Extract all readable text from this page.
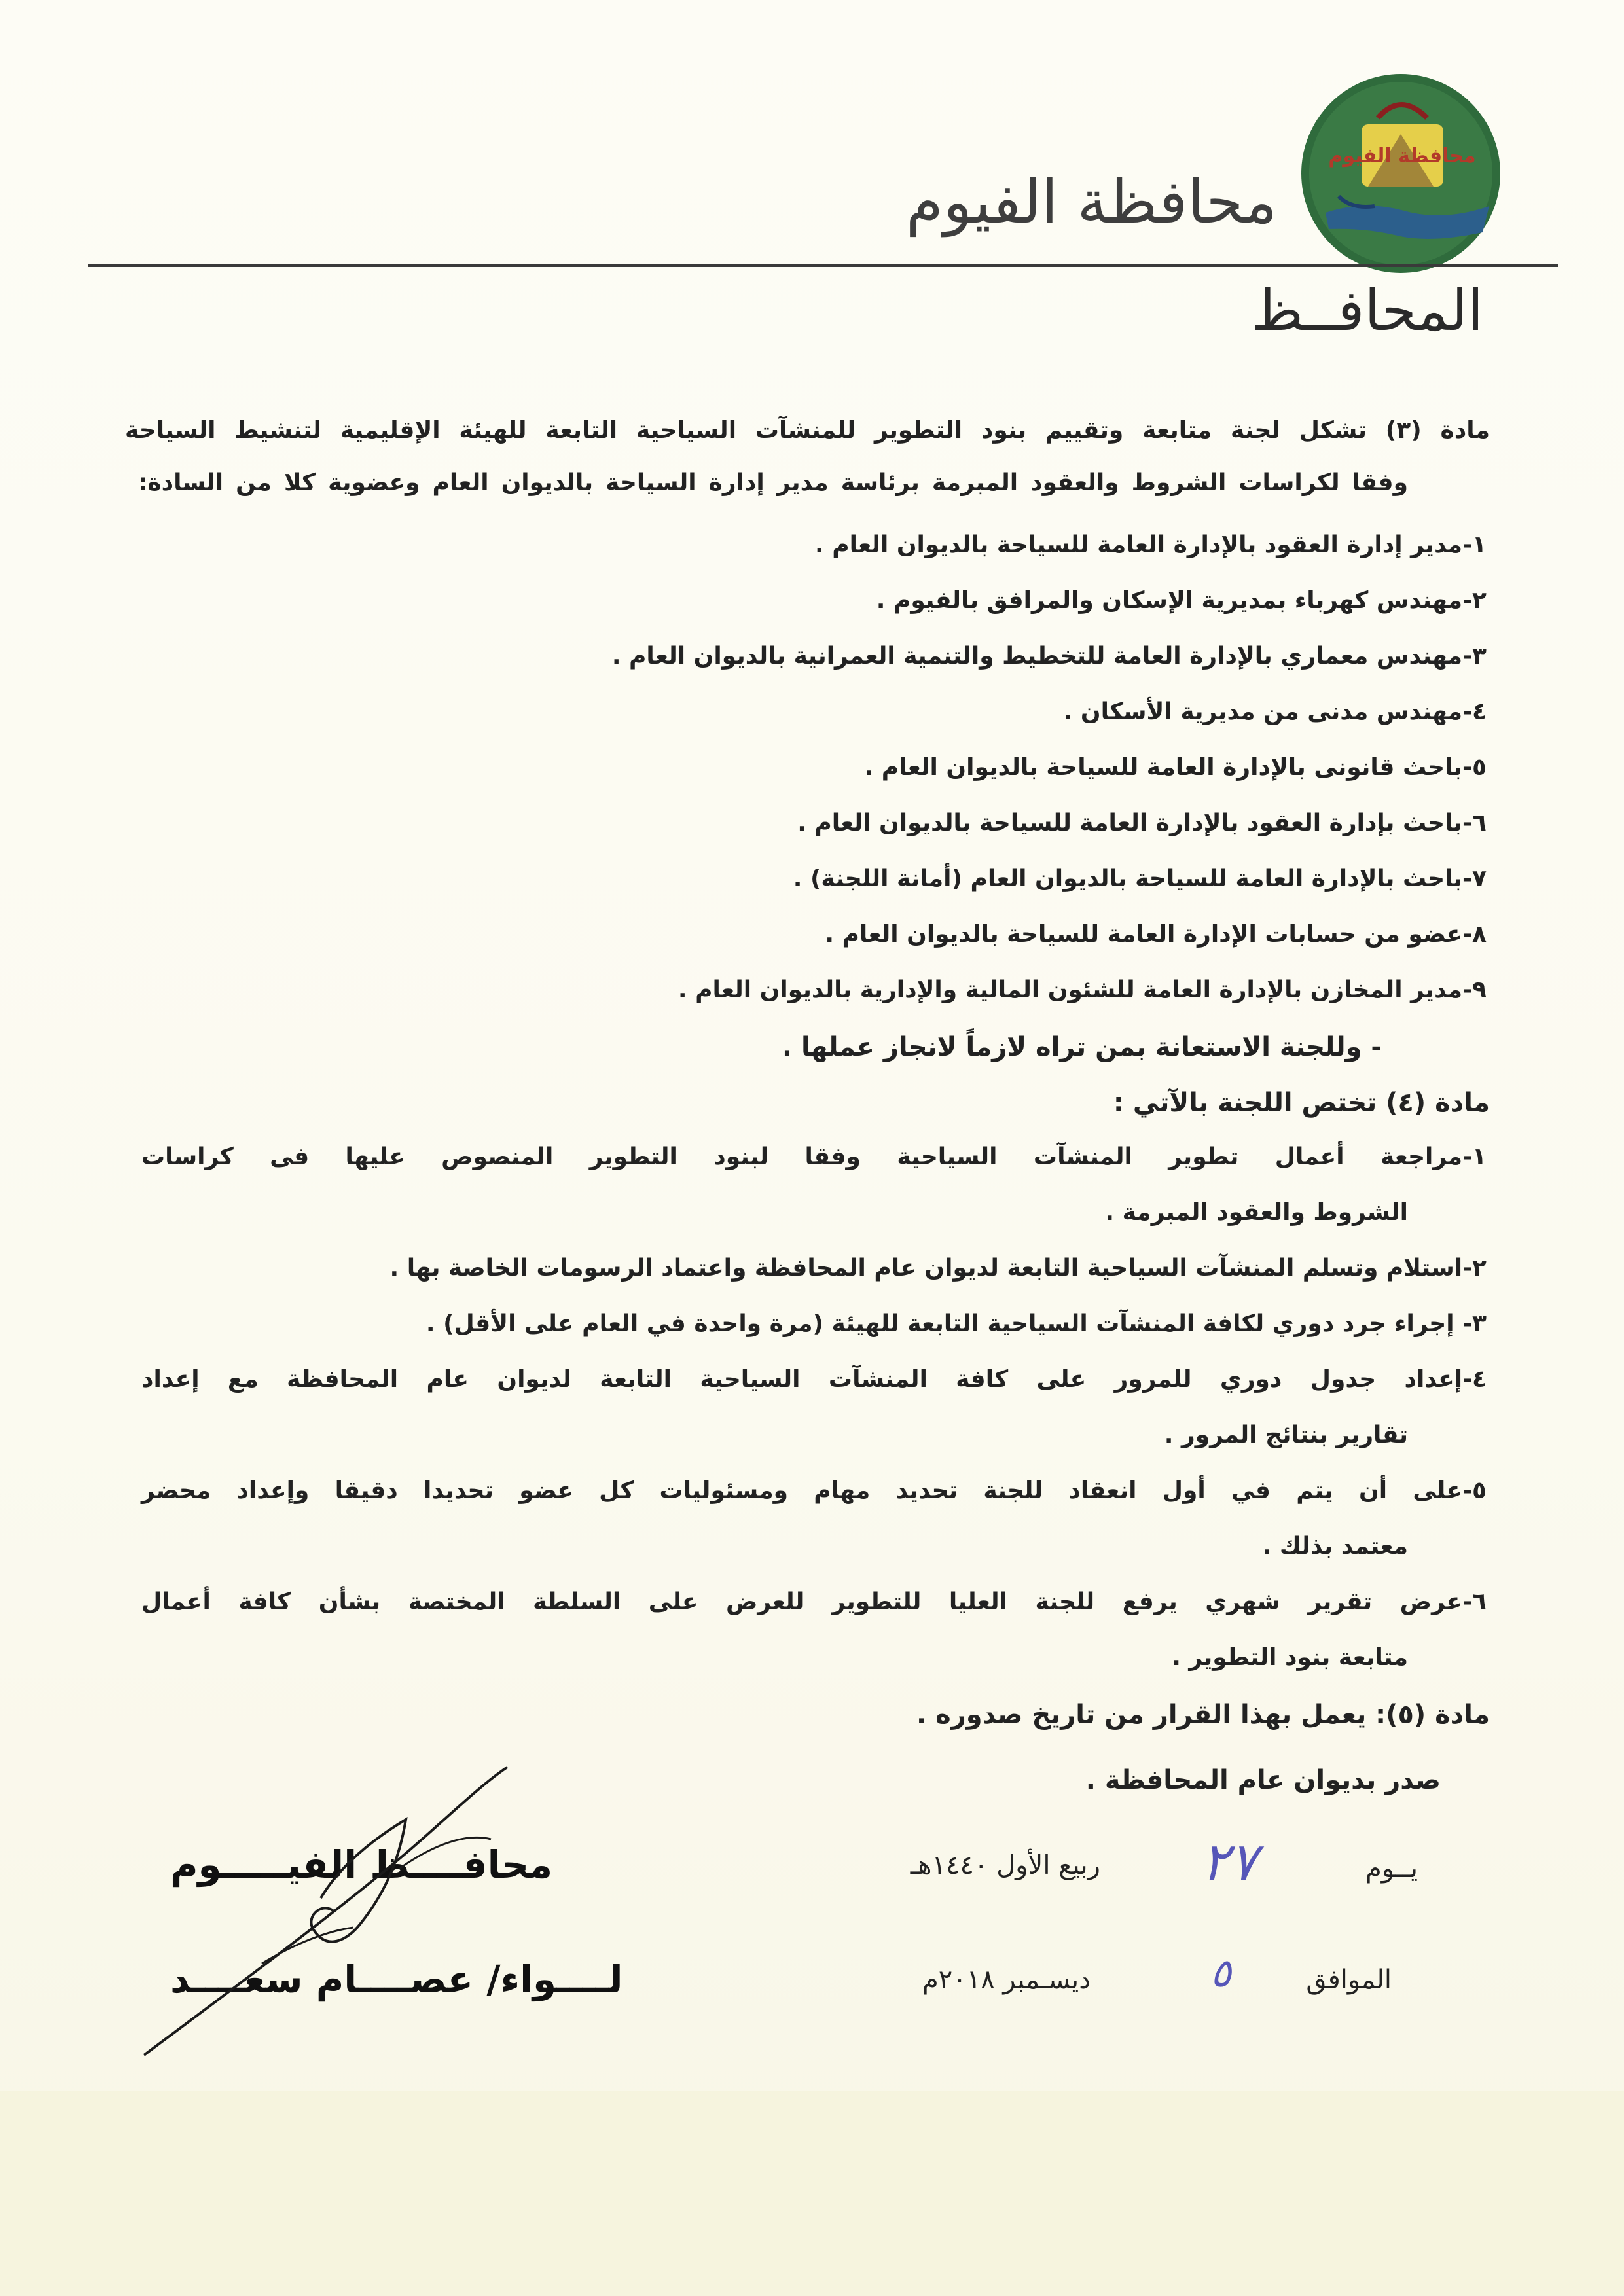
محافظة الفيوم
محافظة الفيوم
المحافــظ
مادة (٣) تشكل لجنة متابعة وتقييم بنود التطوير للمنشآت السياحية التابعة للهيئة الإقليمية لتنشيط السياحة
وفقا لكراسات الشروط والعقود المبرمة برئاسة مدير إدارة السياحة بالديوان العام وعضوية كلا من السادة:
١-مدير إدارة العقود بالإدارة العامة للسياحة بالديوان العام .
٢-مهندس كهرباء بمديرية الإسكان والمرافق بالفيوم .
٣-مهندس معماري بالإدارة العامة للتخطيط والتنمية العمرانية بالديوان العام .
٤-مهندس مدنى من مديرية الأسكان .
٥-باحث قانونى بالإدارة العامة للسياحة بالديوان العام .
٦-باحث بإدارة العقود بالإدارة العامة للسياحة بالديوان العام .
٧-باحث بالإدارة العامة للسياحة بالديوان العام (أمانة اللجنة) .
٨-عضو من حسابات الإدارة العامة للسياحة بالديوان العام .
٩-مدير المخازن بالإدارة العامة للشئون المالية والإدارية بالديوان العام .
- وللجنة الاستعانة بمن تراه لازماً لانجاز عملها .
مادة (٤) تختص اللجنة بالآتي :
١-مراجعة أعمال تطوير المنشآت السياحية وفقا لبنود التطوير المنصوص عليها فى كراسات
الشروط والعقود المبرمة .
٢-استلام وتسلم المنشآت السياحية التابعة لديوان عام المحافظة واعتماد الرسومات الخاصة بها .
٣- إجراء جرد دوري لكافة المنشآت السياحية التابعة للهيئة (مرة واحدة في العام على الأقل) .
٤-إعداد جدول دوري للمرور على كافة المنشآت السياحية التابعة لديوان عام المحافظة مع إعداد
تقارير بنتائج المرور .
٥-على أن يتم في أول انعقاد للجنة تحديد مهام ومسئوليات كل عضو تحديدا دقيقا وإعداد محضر
معتمد بذلك .
٦-عرض تقرير شهري يرفع للجنة العليا للتطوير للعرض على السلطة المختصة بشأن كافة أعمال
متابعة بنود التطوير .
مادة (٥): يعمل بهذا القرار من تاريخ صدوره .
صدر بديوان عام المحافظة .
يــوم
٢٧
ربيع الأول ١٤٤٠هـ
الموافق
٥
ديسـمبر ٢٠١٨م
محافــــظ الفيـــــوم
لــــواء/ عصــــام سعــــد
